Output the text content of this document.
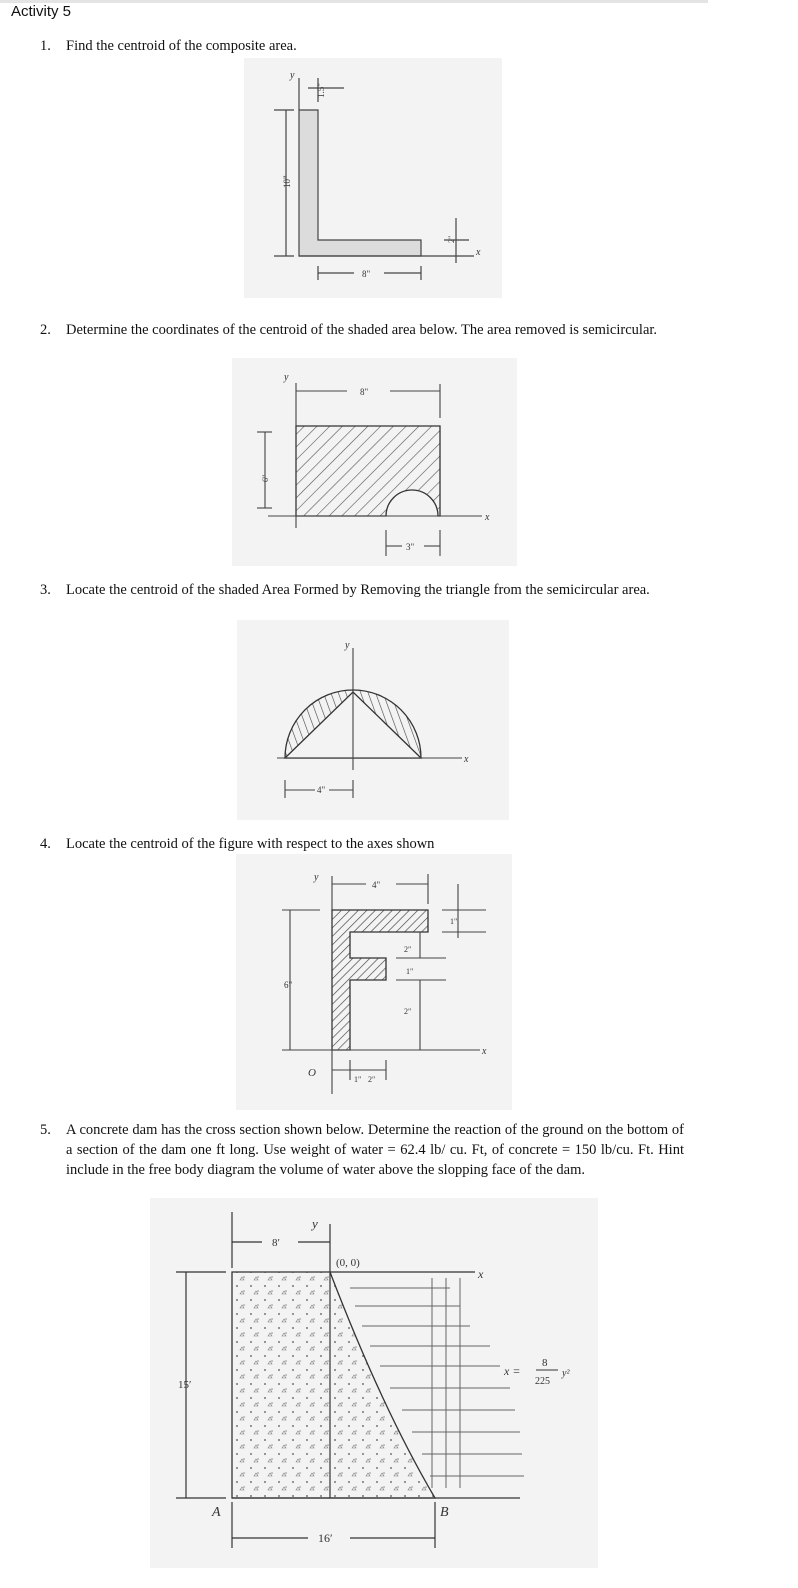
Activity 5
1. Find the centroid of the composite area.
y
x
1.5"
10"
8"
2"
2. Determine the coordinates of the centroid of the shaded area below. The area removed is semicircular.
y
x
8"
6"
3"
3. Locate the centroid of the shaded Area Formed by Removing the triangle from the semicircular area.
y
x
4"
4. Locate the centroid of the figure with respect to the axes shown
y
x
O
4"
6"
1"
2"
1"
2"
1" 2"
5. A concrete dam has the cross section shown below. Determine the reaction of the ground on the bottom of a section of the dam one ft long. Use weight of water = 62.4 lb/ cu. Ft, of concrete = 150 lb/cu. Ft. Hint include in the free body diagram the volume of water above the slopping face of the dam.
y
x
(0, 0)
8′
15′
16′
A	B
x =
8
225
y²
